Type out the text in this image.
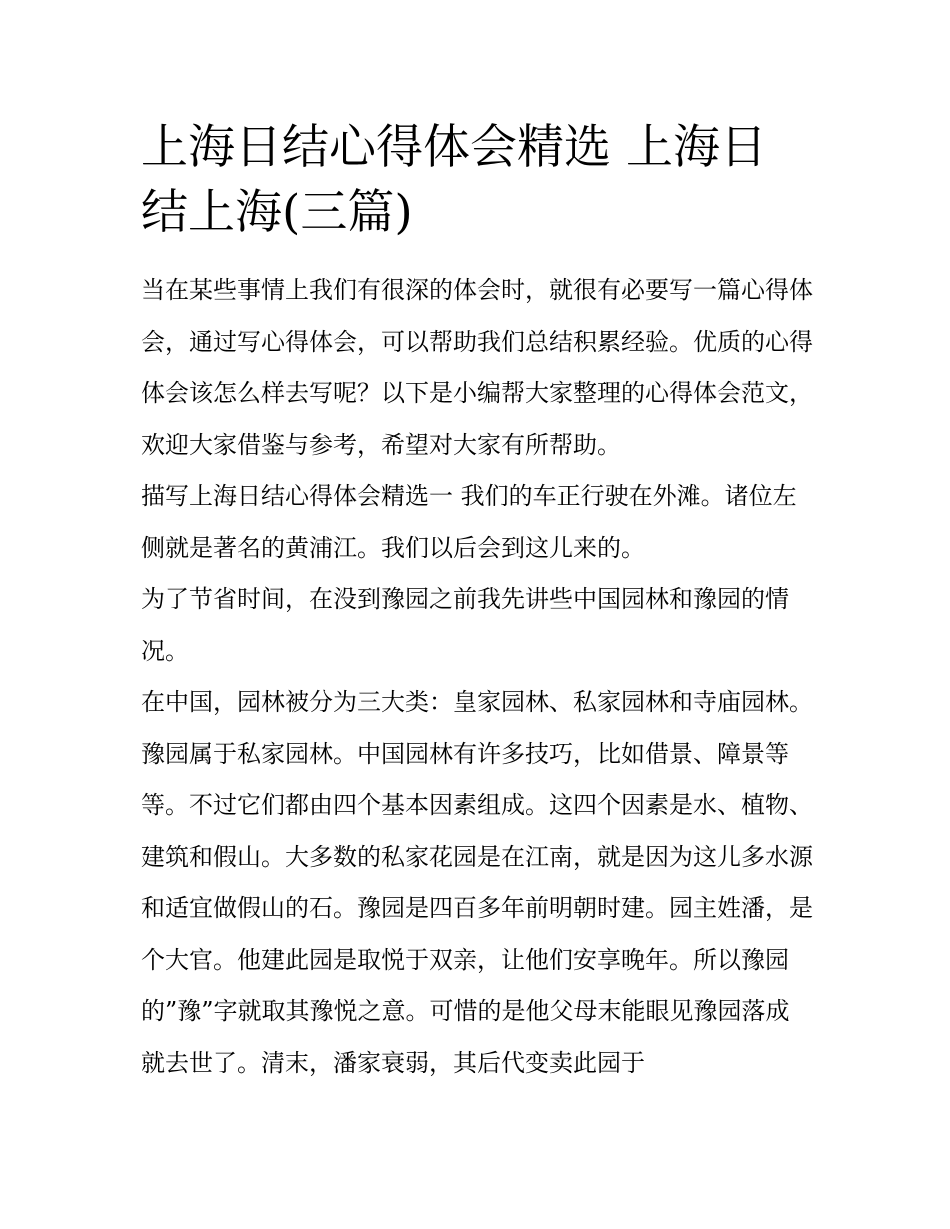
上海日结心得体会精选 上海日结上海(三篇)

当在某些事情上我们有很深的体会时，就很有必要写一篇心得体会，通过写心得体会，可以帮助我们总结积累经验。优质的心得体会该怎么样去写呢？以下是小编帮大家整理的心得体会范文，欢迎大家借鉴与参考，希望对大家有所帮助。

描写上海日结心得体会精选一 我们的车正行驶在外滩。诸位左侧就是著名的黄浦江。我们以后会到这儿来的。

为了节省时间，在没到豫园之前我先讲些中国园林和豫园的情况。

在中国，园林被分为三大类：皇家园林、私家园林和寺庙园林。豫园属于私家园林。中国园林有许多技巧，比如借景、障景等等。不过它们都由四个基本因素组成。这四个因素是水、植物、建筑和假山。大多数的私家花园是在江南，就是因为这儿多水源和适宜做假山的石。豫园是四百多年前明朝时建。园主姓潘，是个大官。他建此园是取悦于双亲，让他们安享晚年。所以豫园的”豫”字就取其豫悦之意。可惜的是他父母末能眼见豫园落成就去世了。清末，潘家衰弱，其后代变卖此园于
